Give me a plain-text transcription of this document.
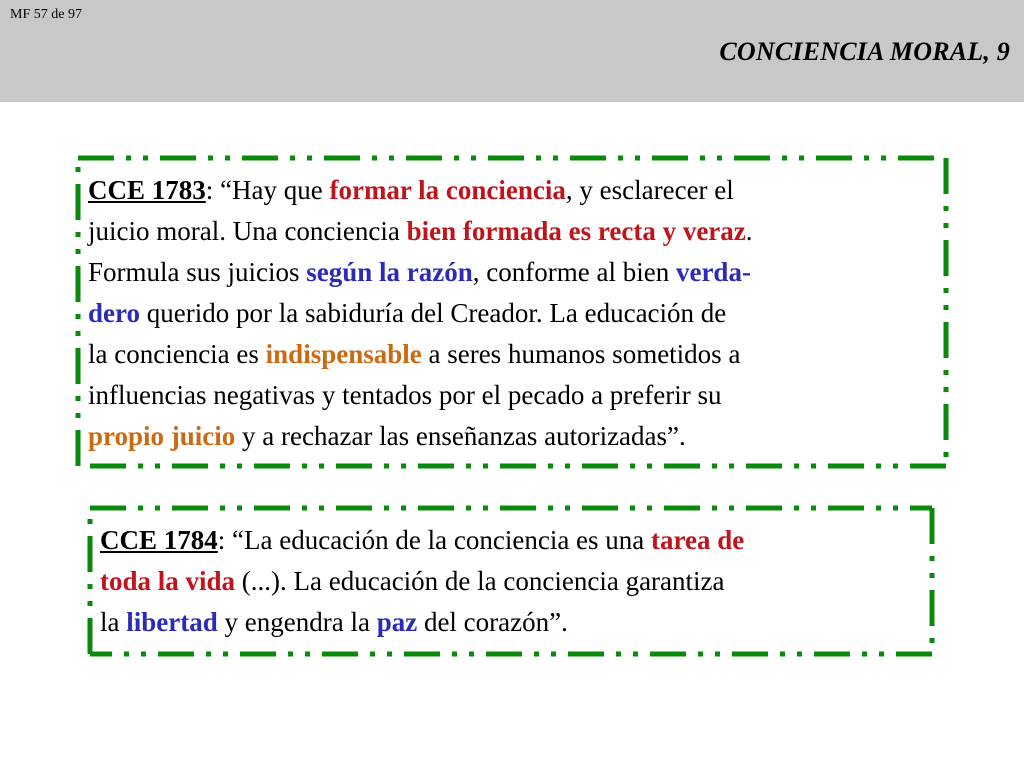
MF 57 de 97
CONCIENCIA MORAL, 9
CCE 1783: “Hay que formar la conciencia, y esclarecer el
juicio moral. Una conciencia bien formada es recta y veraz.
Formula sus juicios según la razón, conforme al bien verda-
dero querido por la sabiduría del Creador. La educación de
la conciencia es indispensable a seres humanos sometidos a
influencias negativas y tentados por el pecado a preferir su
propio juicio y a rechazar las enseñanzas autorizadas”.
CCE 1784: “La educación de la conciencia es una tarea de
toda la vida (...). La educación de la conciencia garantiza
la libertad y engendra la paz del corazón”.
